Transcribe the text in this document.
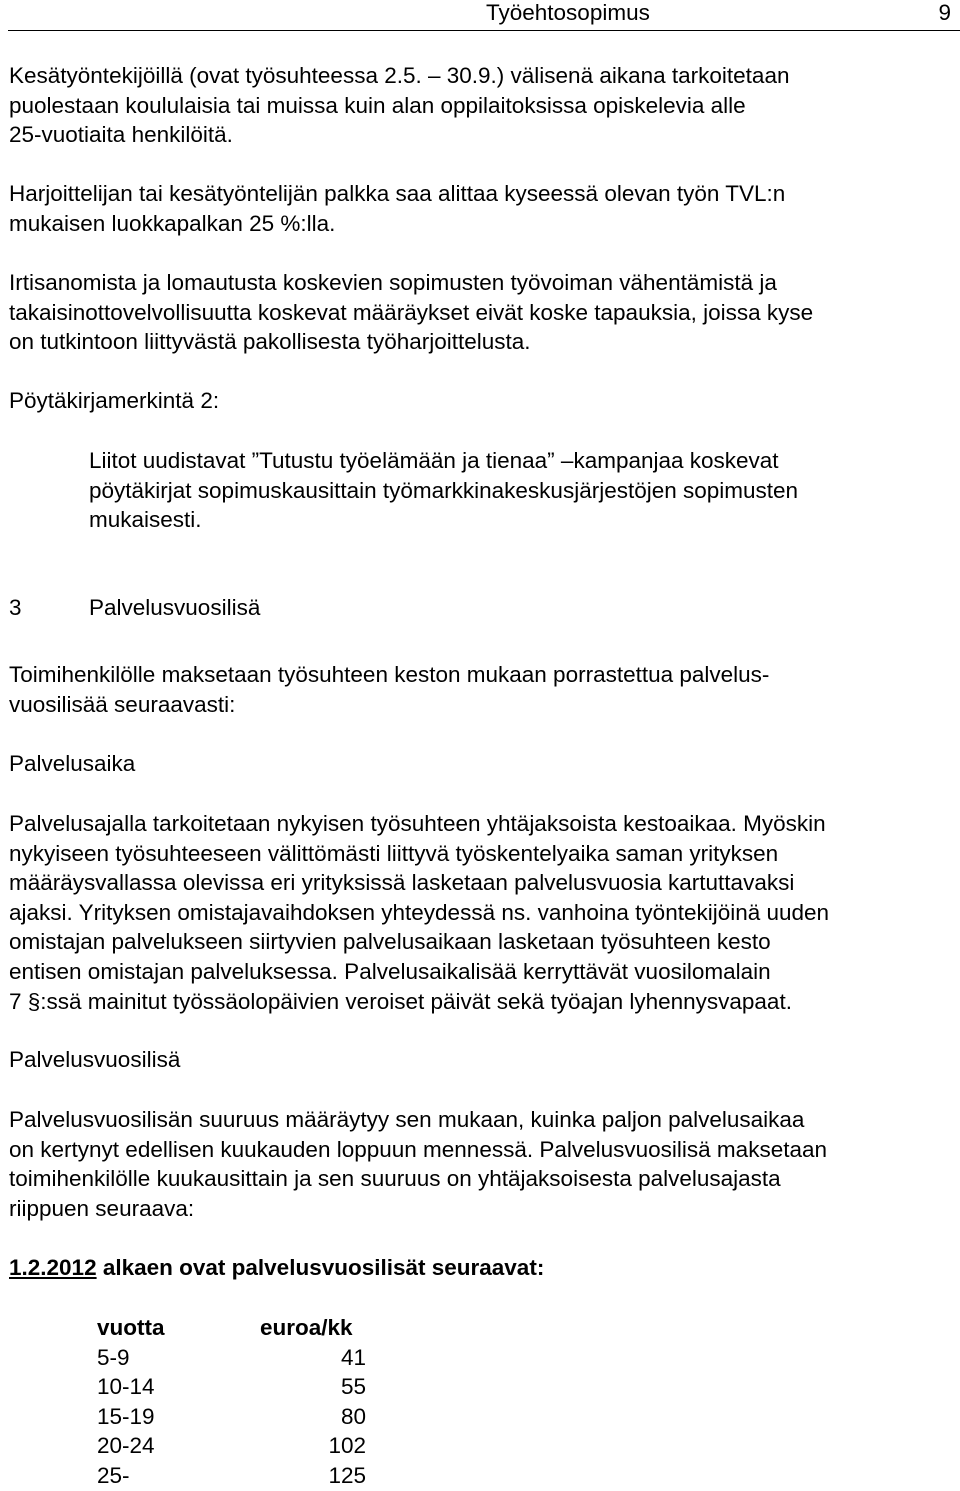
Työehtosopimus	9

Kesätyöntekijöillä (ovat työsuhteessa 2.5. – 30.9.) välisenä aikana tarkoitetaan
puolestaan koululaisia tai muissa kuin alan oppilaitoksissa opiskelevia alle
25-vuotiaita henkilöitä.

Harjoittelijan tai kesätyöntelijän palkka saa alittaa kyseessä olevan työn TVL:n
mukaisen luokkapalkan 25 %:lla.

Irtisanomista ja lomautusta koskevien sopimusten työvoiman vähentämistä ja
takaisinottovelvollisuutta koskevat määräykset eivät koske tapauksia, joissa kyse
on tutkintoon liittyvästä pakollisesta työharjoittelusta.

Pöytäkirjamerkintä 2:

Liitot uudistavat ”Tutustu työelämään ja tienaa” –kampanjaa koskevat
pöytäkirjat sopimuskausittain työmarkkinakeskusjärjestöjen sopimusten
mukaisesti.

3	Palvelusvuosilisä

Toimihenkilölle maksetaan työsuhteen keston mukaan porrastettua palvelus-
vuosilisää seuraavasti:

Palvelusaika

Palvelusajalla tarkoitetaan nykyisen työsuhteen yhtäjaksoista kestoaikaa. Myöskin
nykyiseen työsuhteeseen välittömästi liittyvä työskentelyaika saman yrityksen
määräysvallassa olevissa eri yrityksissä lasketaan palvelusvuosia kartuttavaksi
ajaksi. Yrityksen omistajavaihdoksen yhteydessä ns. vanhoina työntekijöinä uuden
omistajan palvelukseen siirtyvien palvelusaikaan lasketaan työsuhteen kesto
entisen omistajan palveluksessa. Palvelusaikalisää kerryttävät vuosilomalain
7 §:ssä mainitut työssäolopäivien veroiset päivät sekä työajan lyhennysvapaat.

Palvelusvuosilisä

Palvelusvuosilisän suuruus määräytyy sen mukaan, kuinka paljon palvelusaikaa
on kertynyt edellisen kuukauden loppuun mennessä. Palvelusvuosilisä maksetaan
toimihenkilölle kuukausittain ja sen suuruus on yhtäjaksoisesta palvelusajasta
riippuen seuraava:

1.2.2012 alkaen ovat palvelusvuosilisät seuraavat:

vuotta	euroa/kk
5-9	41
10-14	55
15-19	80
20-24	102
25-	125
